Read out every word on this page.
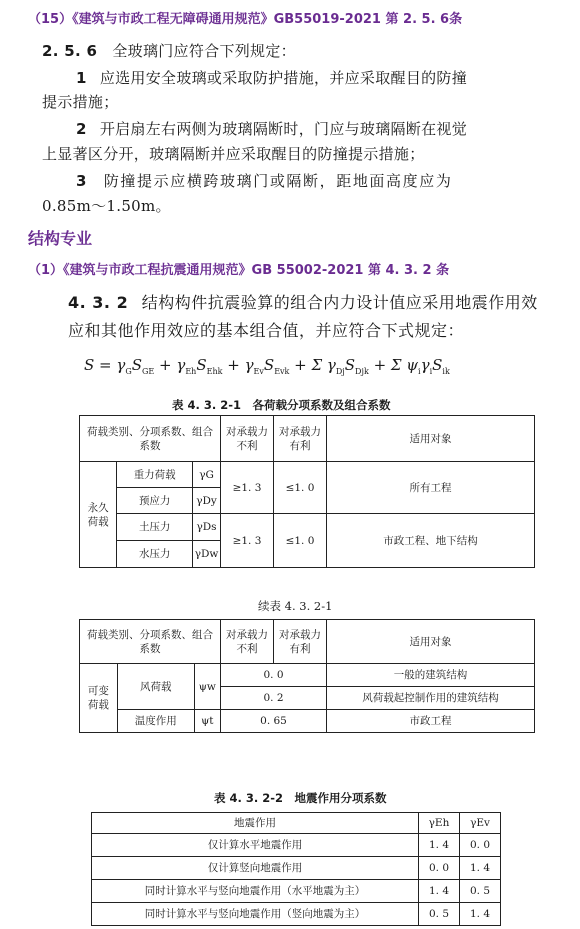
（15）《建筑与市政工程无障碍通用规范》GB55019-2021 第 2. 5. 6条
2. 5. 6 全玻璃门应符合下列规定：
1 应选用安全玻璃或采取防护措施，并应采取醒目的防撞
提示措施；
2 开启扇左右两侧为玻璃隔断时，门应与玻璃隔断在视觉
上显著区分开，玻璃隔断并应采取醒目的防撞提示措施；
3 防撞提示应横跨玻璃门或隔断，距地面高度应为
0.85m～1.50m。
结构专业
（1）《建筑与市政工程抗震通用规范》GB 55002-2021 第 4. 3. 2 条
4. 3. 2 结构构件抗震验算的组合内力设计值应采用地震作用效
应和其他作用效应的基本组合值，并应符合下式规定：
$S = \gamma_GS_{GE} + \gamma_{Eh}S_{Ehk} + \gamma_{Ev}S_{Evk} + \Sigma$ $\gamma_{Dj}S_{Djk} + \Sigma$ $\psi_i\gamma_iS_{ik}$
表 4. 3. 2-1　各荷载分项系数及组合系数
荷载类别、分项系数、组合系数			对承载力不利	对承载力有利	适用对象
永久荷载	重力荷载	γG	≥1. 3	≤1. 0	所有工程
	预应力	γDy			
	土压力	γDs	≥1. 3	≤1. 0	市政工程、地下结构
	水压力	γDw			
续表 4. 3. 2-1
荷载类别、分项系数、组合系数			对承载力不利	对承载力有利	适用对象
可变荷载	风荷载	ψw	0. 0		一般的建筑结构
			0. 2		风荷载起控制作用的建筑结构
	温度作用	ψt	0. 65		市政工程
表 4. 3. 2-2　地震作用分项系数
地震作用	γEh	γEv
仅计算水平地震作用	1. 4	0. 0
仅计算竖向地震作用	0. 0	1. 4
同时计算水平与竖向地震作用（水平地震为主）	1. 4	0. 5
同时计算水平与竖向地震作用（竖向地震为主）	0. 5	1. 4
